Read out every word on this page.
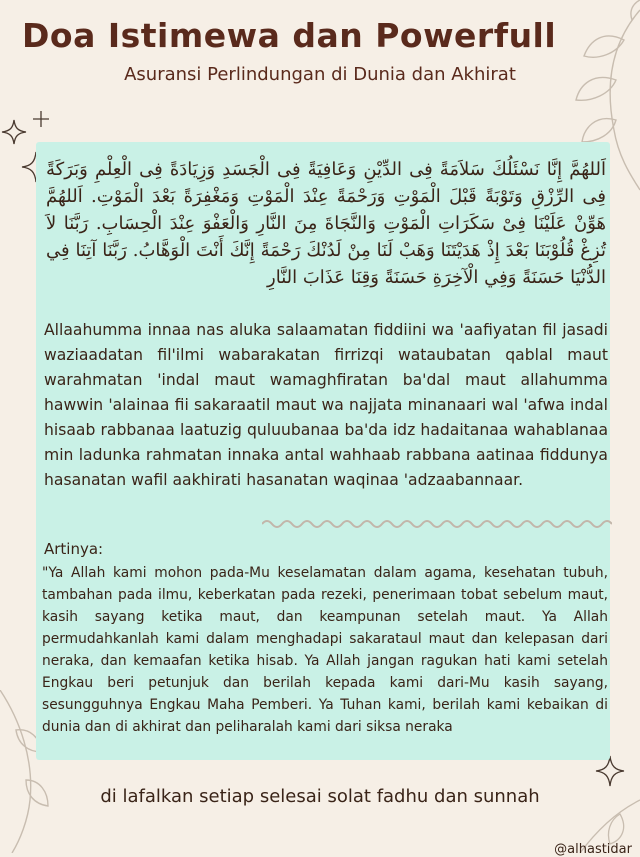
Doa Istimewa dan Powerfull
Asuransi Perlindungan di Dunia dan Akhirat
اَللهُمَّ إِنَّا نَسْئَلُكَ سَلاَمَةً فِى الدِّيْنِ وَعَافِيَةً فِى الْجَسَدِ وَزِيَادَةً فِى الْعِلْمِ وَبَرَكَةً فِى الرِّزْقِ وَتَوْبَةً قَبْلَ الْمَوْتِ وَرَحْمَةً عِنْدَ الْمَوْتِ وَمَغْفِرَةً بَعْدَ الْمَوْتِ. اَللهُمَّ هَوِّنْ عَلَيْنَا فِىْ سَكَرَاتِ الْمَوْتِ وَالنَّجَاةَ مِنَ النَّارِ وَالْعَفْوَ عِنْدَ الْحِسَابِ. رَبَّنَا لاَ تُزِغْ قُلُوْبَنَا بَعْدَ إِذْ هَدَيْتَنَا وَهَبْ لَنَا مِنْ لَدُنْكَ رَحْمَةً إِنَّكَ أَنْتَ الْوَهَّابُ. رَبَّنَا آتِنَا فِي الدُّنْيَا حَسَنَةً وَفِي الْآخِرَةِ حَسَنَةً وَقِنَا عَذَابَ النَّارِ
Allaahumma innaa nas aluka salaamatan fiddiini wa 'aafiyatan fil jasadi waziaadatan fil'ilmi wabarakatan firrizqi wataubatan qablal maut warahmatan 'indal maut wamaghfiratan ba'dal maut allahumma hawwin 'alainaa fii sakaraatil maut wa najjata minanaari wal 'afwa indal hisaab rabbanaa laatuzig quluubanaa ba'da idz hadaitanaa wahablanaa min ladunka rahmatan innaka antal wahhaab rabbana aatinaa fiddunya hasanatan wafil aakhirati hasanatan waqinaa 'adzaabannaar.
Artinya:
"Ya Allah kami mohon pada-Mu keselamatan dalam agama, kesehatan tubuh, tambahan pada ilmu, keberkatan pada rezeki, penerimaan tobat sebelum maut, kasih sayang ketika maut, dan keampunan setelah maut. Ya Allah permudahkanlah kami dalam menghadapi sakarataul maut dan kelepasan dari neraka, dan kemaafan ketika hisab. Ya Allah jangan ragukan hati kami setelah Engkau beri petunjuk dan berilah kepada kami dari-Mu kasih sayang, sesungguhnya Engkau Maha Pemberi. Ya Tuhan kami, berilah kami kebaikan di dunia dan di akhirat dan peliharalah kami dari siksa neraka
di lafalkan setiap selesai solat fadhu dan sunnah
@alhastidar
